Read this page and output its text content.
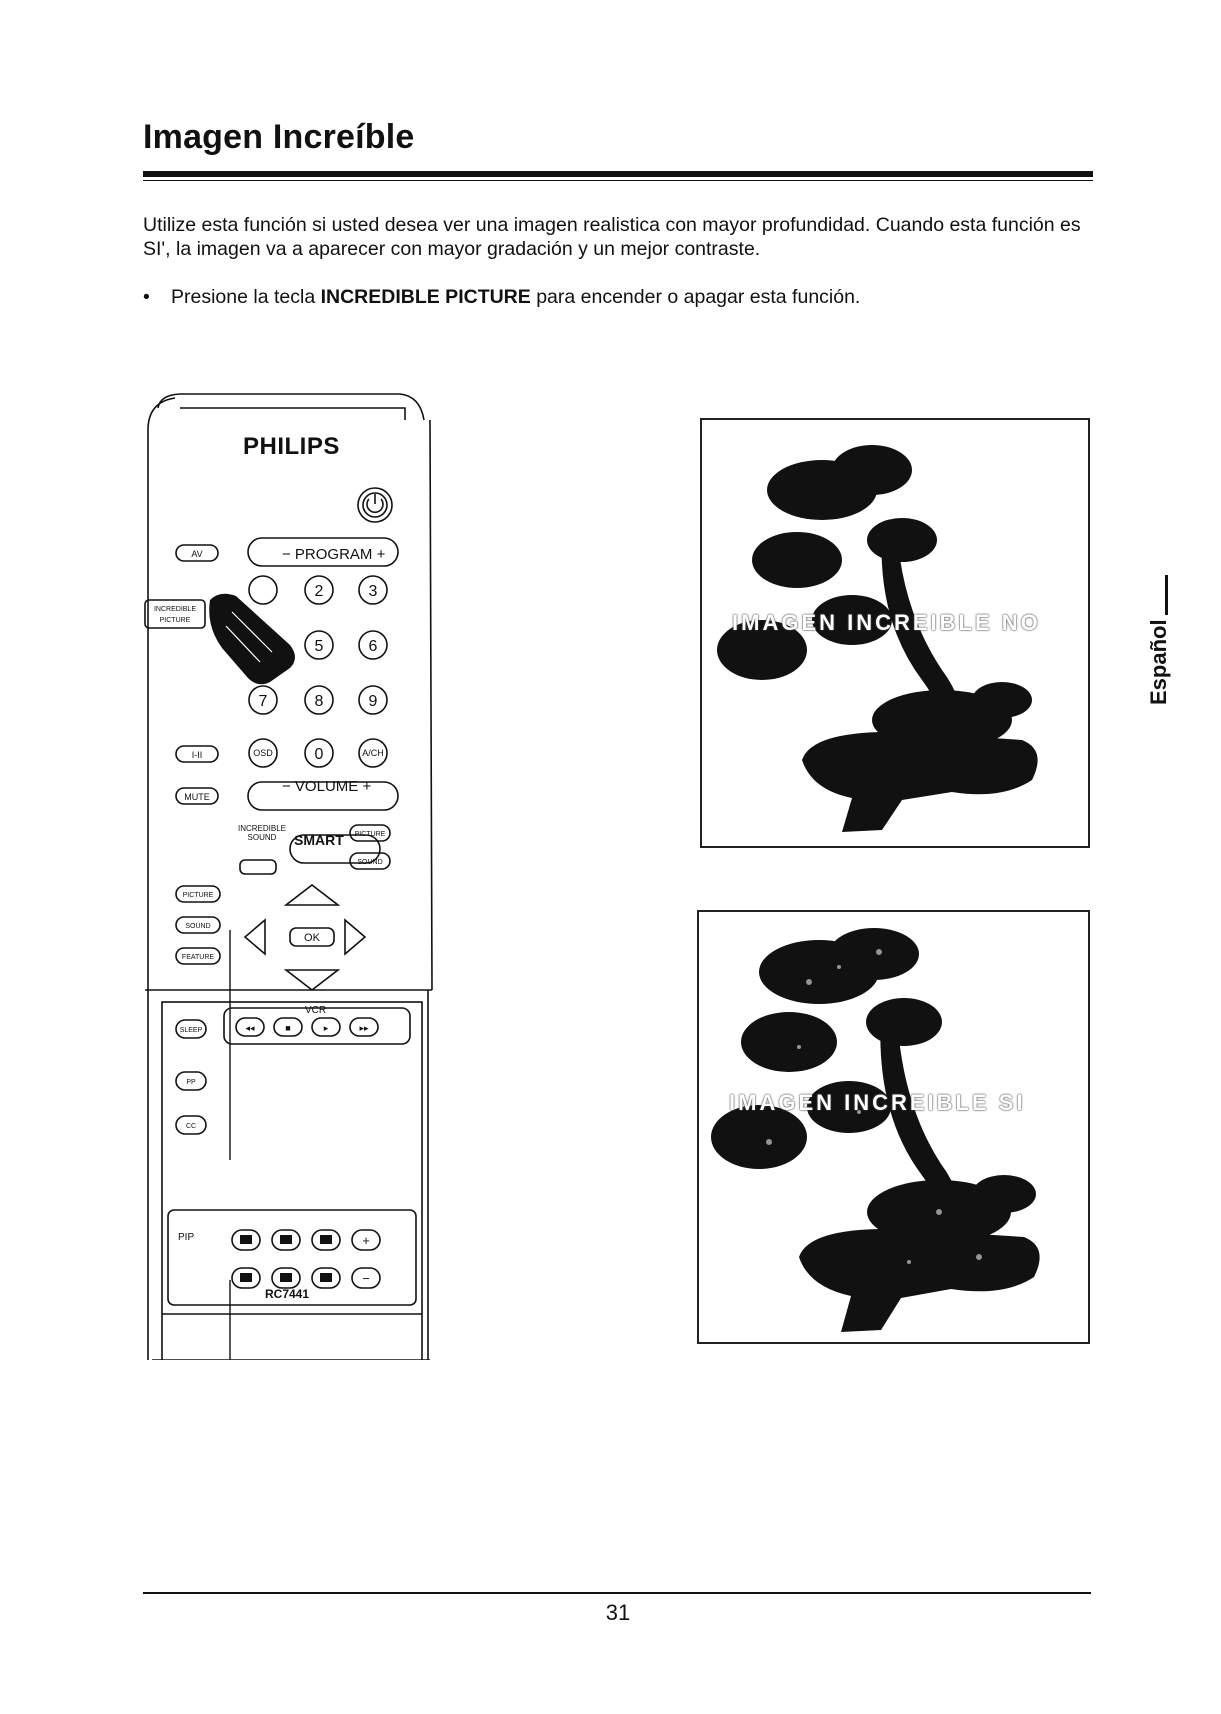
Imagen Increíble

Utilize esta función si usted desea ver una imagen realistica con mayor profundidad. Cuando esta función es SI', la imagen va a aparecer con mayor gradación y un mejor contraste.

• Presione la tecla INCREDIBLE PICTURE para encender o apagar esta función.

Español
2	3
5	6
7	8	9
0
OSD	A/CH
AV
I-II
MUTE
INCREDIBLE
PICTURE
PICTURE
SOUND
PICTURE
SOUND
FEATURE
OK
SLEEP
PP
CC
◂◂	■	▸	▸▸
+
−
PHILIPS
− PROGRAM +
− VOLUME +
SMART
INCREDIBLE SOUND
VCR
PIP
RC7441
IMAGEN INCREIBLE NO
IMAGEN INCREIBLE SI
31
